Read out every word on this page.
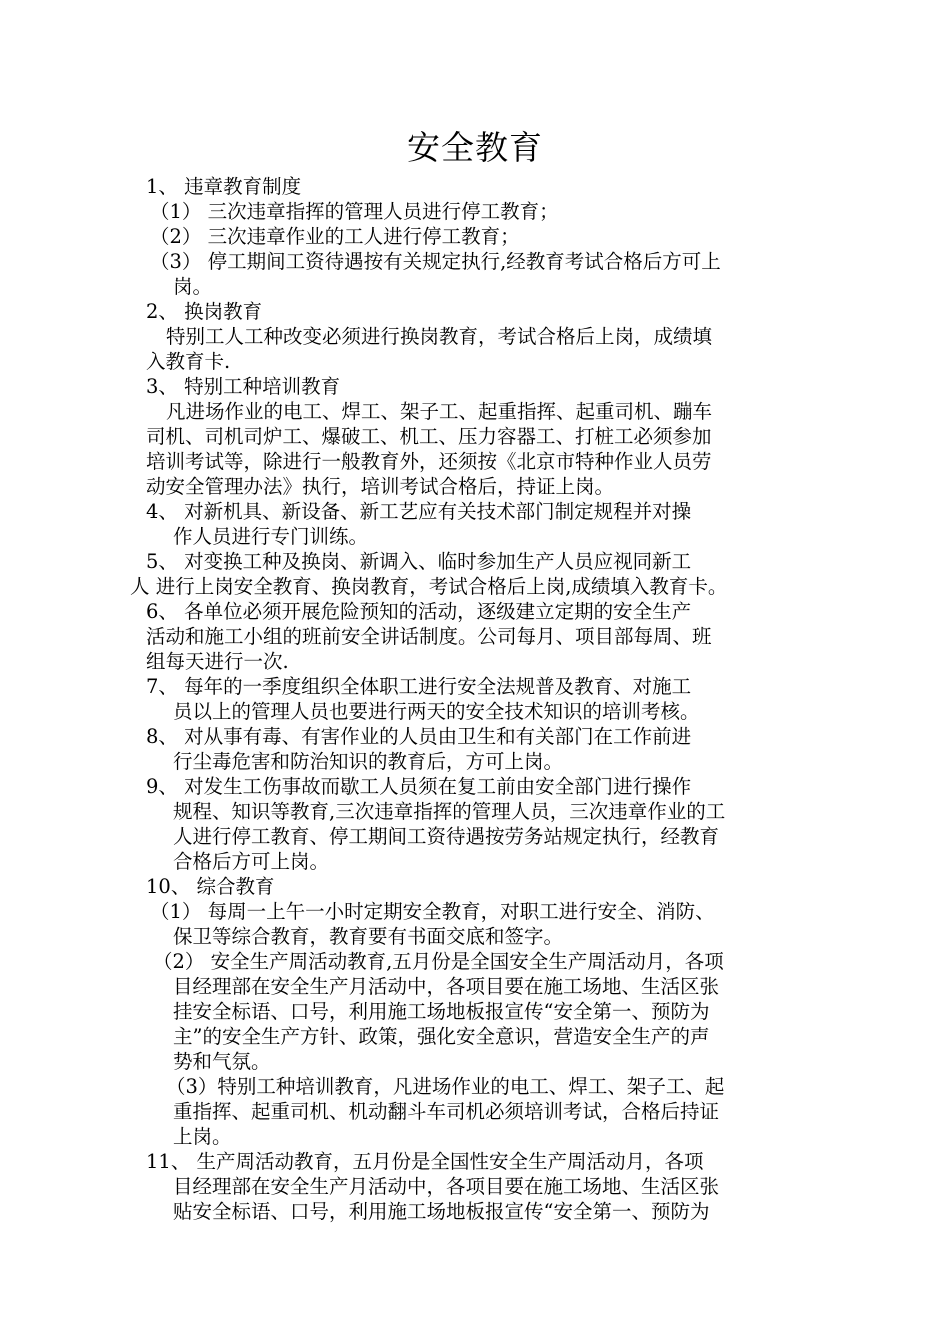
安全教育
1、 违章教育制度
（1） 三次违章指挥的管理人员进行停工教育；
（2） 三次违章作业的工人进行停工教育；
（3） 停工期间工资待遇按有关规定执行,经教育考试合格后方可上
岗。
2、 换岗教育
特别工人工种改变必须进行换岗教育，考试合格后上岗，成绩填
入教育卡.
3、 特别工种培训教育
凡进场作业的电工、焊工、架子工、起重指挥、起重司机、蹦车
司机、司机司炉工、爆破工、机工、压力容器工、打桩工必须参加
培训考试等，除进行一般教育外，还须按《北京市特种作业人员劳
动安全管理办法》执行，培训考试合格后，持证上岗。
4、 对新机具、新设备、新工艺应有关技术部门制定规程并对操
作人员进行专门训练。
5、 对变换工种及换岗、新调入、临时参加生产人员应视同新工
人 进行上岗安全教育、换岗教育，考试合格后上岗,成绩填入教育卡。
6、 各单位必须开展危险预知的活动，逐级建立定期的安全生产
活动和施工小组的班前安全讲话制度。公司每月、项目部每周、班
组每天进行一次.
7、 每年的一季度组织全体职工进行安全法规普及教育、对施工
员以上的管理人员也要进行两天的安全技术知识的培训考核。
8、 对从事有毒、有害作业的人员由卫生和有关部门在工作前进
行尘毒危害和防治知识的教育后，方可上岗。
9、 对发生工伤事故而歇工人员须在复工前由安全部门进行操作
规程、知识等教育,三次违章指挥的管理人员，三次违章作业的工
人进行停工教育、停工期间工资待遇按劳务站规定执行，经教育
合格后方可上岗。
10、 综合教育
（1） 每周一上午一小时定期安全教育，对职工进行安全、消防、
保卫等综合教育，教育要有书面交底和签字。
（2） 安全生产周活动教育,五月份是全国安全生产周活动月，各项
目经理部在安全生产月活动中，各项目要在施工场地、生活区张
挂安全标语、口号，利用施工场地板报宣传“安全第一、预防为
主”的安全生产方针、政策，强化安全意识，营造安全生产的声
势和气氛。
（3）特别工种培训教育，凡进场作业的电工、焊工、架子工、起
重指挥、起重司机、机动翻斗车司机必须培训考试，合格后持证
上岗。
11、 生产周活动教育，五月份是全国性安全生产周活动月，各项
目经理部在安全生产月活动中，各项目要在施工场地、生活区张
贴安全标语、口号，利用施工场地板报宣传“安全第一、预防为
